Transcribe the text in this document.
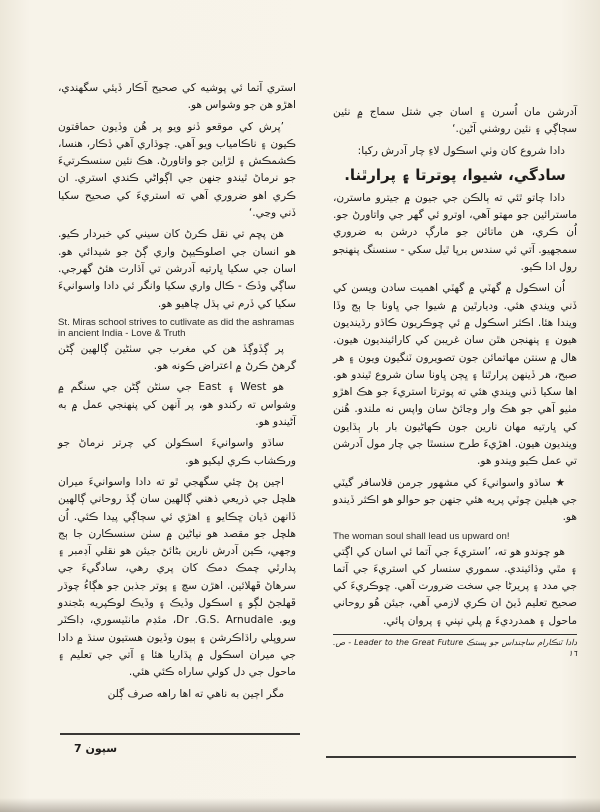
استري آتما ئي پوشيه کي صحيح آڪار ڏيئي سگهندي، اهڙو هن جو وشواس هو.

’پرش کي موقعو ڏنو ويو پر هُن وڏيون حماقتون ڪيون ۽ ناڪامياب ويو آهي. چوڌاري آهي ڏڪار، هنسا، ڪشمڪش ۽ لڙاين جو واتاورڻ. هڪ نئين سنسڪرتيءَ جو نرماڻ ٿيندو جنهن جي اڳواڻي ڪندي استري. ان ڪري اهو ضروري آهي ته استريءَ کي صحيح سکيا ڏني وڃي.‘

هن پڇم تي نقل ڪرڻ کان سيني کي خبردار ڪيو. هو انسان جي اصلوڪيپڻ واري ڳڻ جو شيدائي هو. اسان جي سکيا ڀارتيه آدرشن تي آڌارت هئڻ گهرجي. ساڳي وڏڪ - ڪال واري سکيا وانگر ئي دادا واسوانيءَ سکيا کي ڏرم تي ٻڌل چاهيو هو.

St. Miras school strives to cutlivate as did the ashramas in ancient India - Love & Truth

پر ڳڏوڳڏ هن کي مغرب جي سٺڻين ڳالهين ڳڻن گرهڻ ڪرڻ ۾ اعتراض ڪونه هو.

هو West ۽ East جي سٺڻن ڳڻن جي سنگم ۾ وشواس ته رکندو هو، پر آنهن کي پنهنجي عمل ۾ به آڻيندو هو.

ساڌو واسوانيءَ اسڪولن کي چرتر نرماڻ جو ورڪشاب ڪري ليکيو هو.

اڄين پڻ چئي سگهجي ٿو ته دادا واسوانيءَ ميران هلچل جي ذريعي ذهني ڳالهين سان ڳڏ روحاني ڳالهين ڏانهن ڌيان ڇڪايو ۽ اهڙي ئي سڄاڳي پيدا ڪئي. اُن هلچل جو مقصد هو نياڻين ۾ سٺن سنسڪارن جا ٻج وجهي، ڪين آدرش نارين بڻائڻ جيئن هو نقلي آڊمبر ۽ پدارٿي چمڪ دمڪ کان پري رهي، سادگيءَ جي سرهاڻ ڦهلائين. اهڙن سچ ۽ پوتر جذبن جو هڳاءُ چوڌر ڦهلجڻ لڳو ۽ اسڪول وڏيڪ ۽ وڏيڪ لوڪپريه بڻجندو ويو. Dr .G.S. Arnudale، مئڊم مانٽيسوري، ڊاڪٽر سروپلي راڌاڪرشن ۽ ٻيون وڏيون هستيون سنڌ ۾ دادا جي ميران اسڪول ۾ پڌاريا هئا ۽ آتي جي تعليم ۽ ماحول جي دل کولي ساراه ڪئي هئي.

مگر اڄين به ناهي ته اها راهه صرف ڳلن

آدرشن مان اُسرن ۽ اسان جي شتل سماج ۾ نئين سڄاڳي ۽ نئين روشني آڻين.‘

دادا شروع کان وٺي اسڪول لاءِ چار آدرش رکيا:

سادگي، شيوا، پوترتا ۽ پرارٿنا.

دادا چاتو ٿئي ته ٻالڪن جي جيون ۾ جيترو ماسترن، ماسترائين جو مهتو آهي، اوترو ئي گهر جي واتاورڻ جو. اُن ڪري، هن ماتائن جو مارڳ درشن به ضروري سمجهيو. آتي ئي سندس برپا ٿيل سکي - سنسنگ پنهنجو رول ادا ڪيو.

اُن اسڪول ۾ گهٽي ۾ گهٽي اهميت سادن ويسن کي ڏني ويندي هئي. وديارٿين ۾ شيوا جي ڀاونا جا ٻج وڏا ويندا هئا. اڪثر اسڪول ۾ ئي ڇوڪريون ڪاڌو رڌينديون هيون ۽ پنهنجن هٿن سان غريبن کي کارائينديون هيون. هال ۾ سنتن مهاتمائن جون تصويرون ٽنگيون ويون ۽ هر صبح، هر ڏينهن پرارٿنا ۽ ڀڄن ڀاونا سان شروع ٿيندو هو. اها سکيا ڏني ويندي هئي ته پوترتا استريءَ جو هڪ اهڙو مٺيو آهي جو هڪ وار وڃائڻ سان واپس نه ملندو. هُنن کي ڀارتيه مهان نارين جون ڪهاڻيون بار بار ٻڌايون وينديون هيون. اهڙيءَ طرح سنسٿا جي چار مول آدرشن تي عمل ڪيو ويندو هو.

★ ساڌو واسوانيءَ کي مشهور جرمن فلاسافر گيٽي جي هيلين چوٽي پريه هئي جنهن جو حوالو هو اڪثر ڏيندو هو.

The woman soul shall lead us upward on!

هو چوندو هو ته، ’استريءَ جي آتما ئي اسان کي اڳتي ۽ مٿي وڌائيندي. سموري سنسار کي استريءَ جي آتما جي مدد ۽ پريرڻا جي سخت ضرورت آهي. ڇوڪريءَ کي صحيح تعليم ڏيڻ ان ڪري لازمي آهي، جيئن هُو روحاني ماحول ۽ همدرديءَ ۾ پلي نپني ۽ پروان پائي.

دادا ٽنڪارام ساڄنداس جو پستڪ Leader to the Great Future - ص. ١٦
سپون 7
